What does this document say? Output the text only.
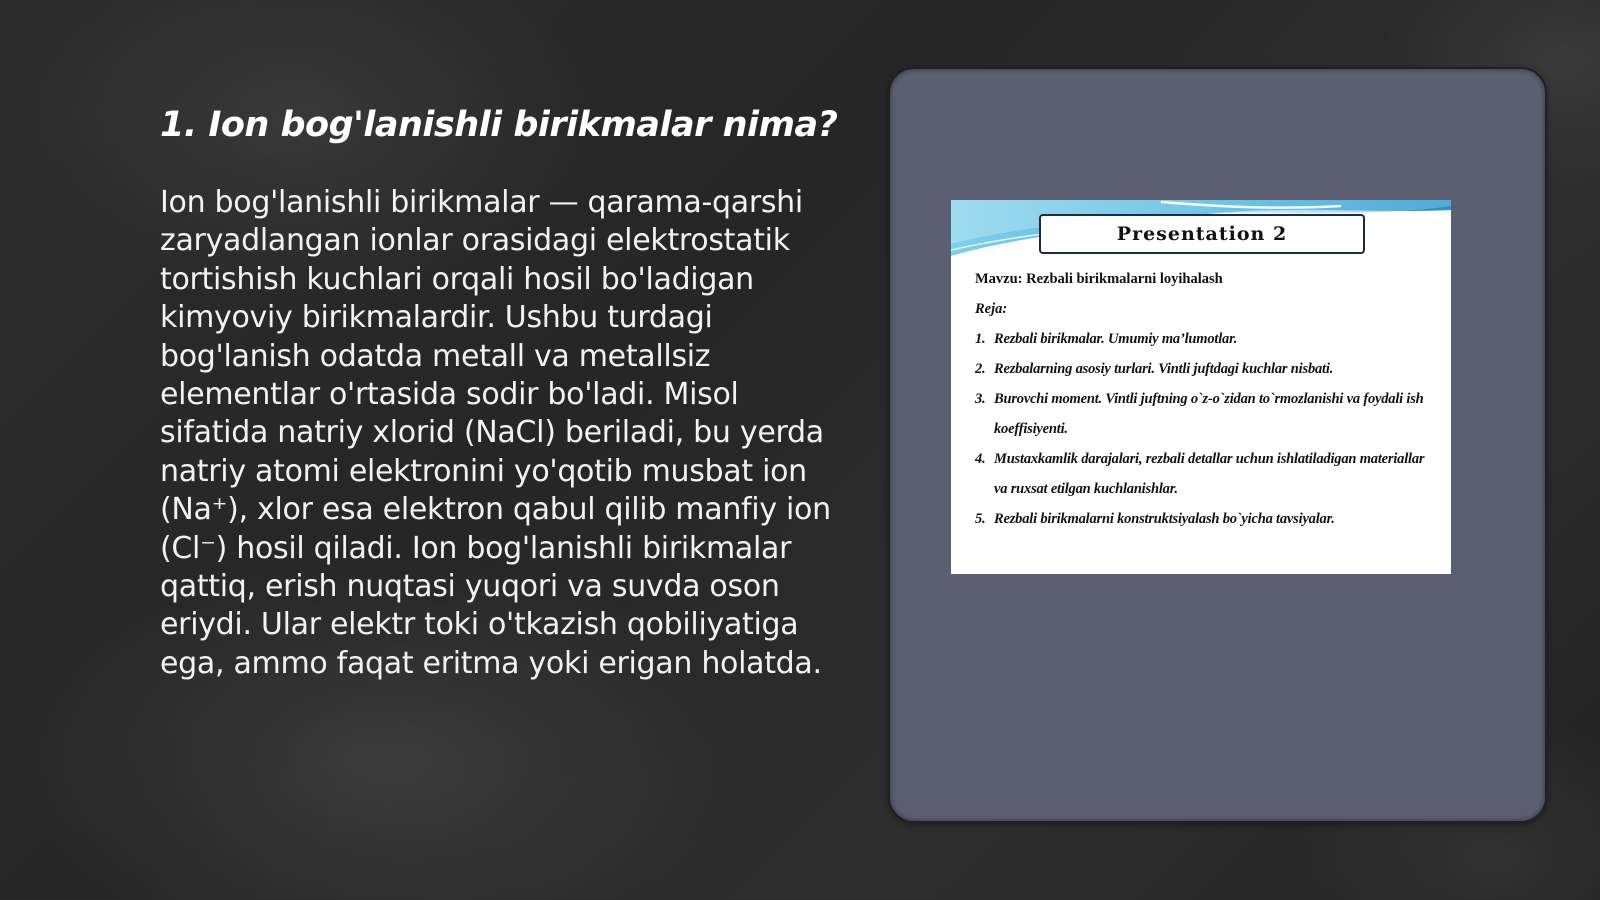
1. Ion bog'lanishli birikmalar nima?

Ion bog'lanishli birikmalar — qarama-qarshi zaryadlangan ionlar orasidagi elektrostatik tortishish kuchlari orqali hosil bo'ladigan kimyoviy birikmalardir. Ushbu turdagi bog'lanish odatda metall va metallsiz elementlar o'rtasida sodir bo'ladi. Misol sifatida natriy xlorid (NaCl) beriladi, bu yerda natriy atomi elektronini yo'qotib musbat ion (Na⁺), xlor esa elektron qabul qilib manfiy ion (Cl⁻) hosil qiladi. Ion bog'lanishli birikmalar qattiq, erish nuqtasi yuqori va suvda oson eriydi. Ular elektr toki o'tkazish qobiliyatiga ega, ammo faqat eritma yoki erigan holatda.

Presentation 2
Mavzu: Rezbali birikmalarni loyihalash
Reja:
1. Rezbali birikmalar. Umumiy ma’lumotlar.
2. Rezbalarning asosiy turlari. Vintli juftdagi kuchlar nisbati.
3. Burovchi moment. Vintli juftning o`z-o`zidan to`rmozlanishi va foydali ish koeffisiyenti.
4. Mustaxkamlik darajalari, rezbali detallar uchun ishlatiladigan materiallar va ruxsat etilgan kuchlanishlar.
5. Rezbali birikmalarni konstruktsiyalash bo`yicha tavsiyalar.
